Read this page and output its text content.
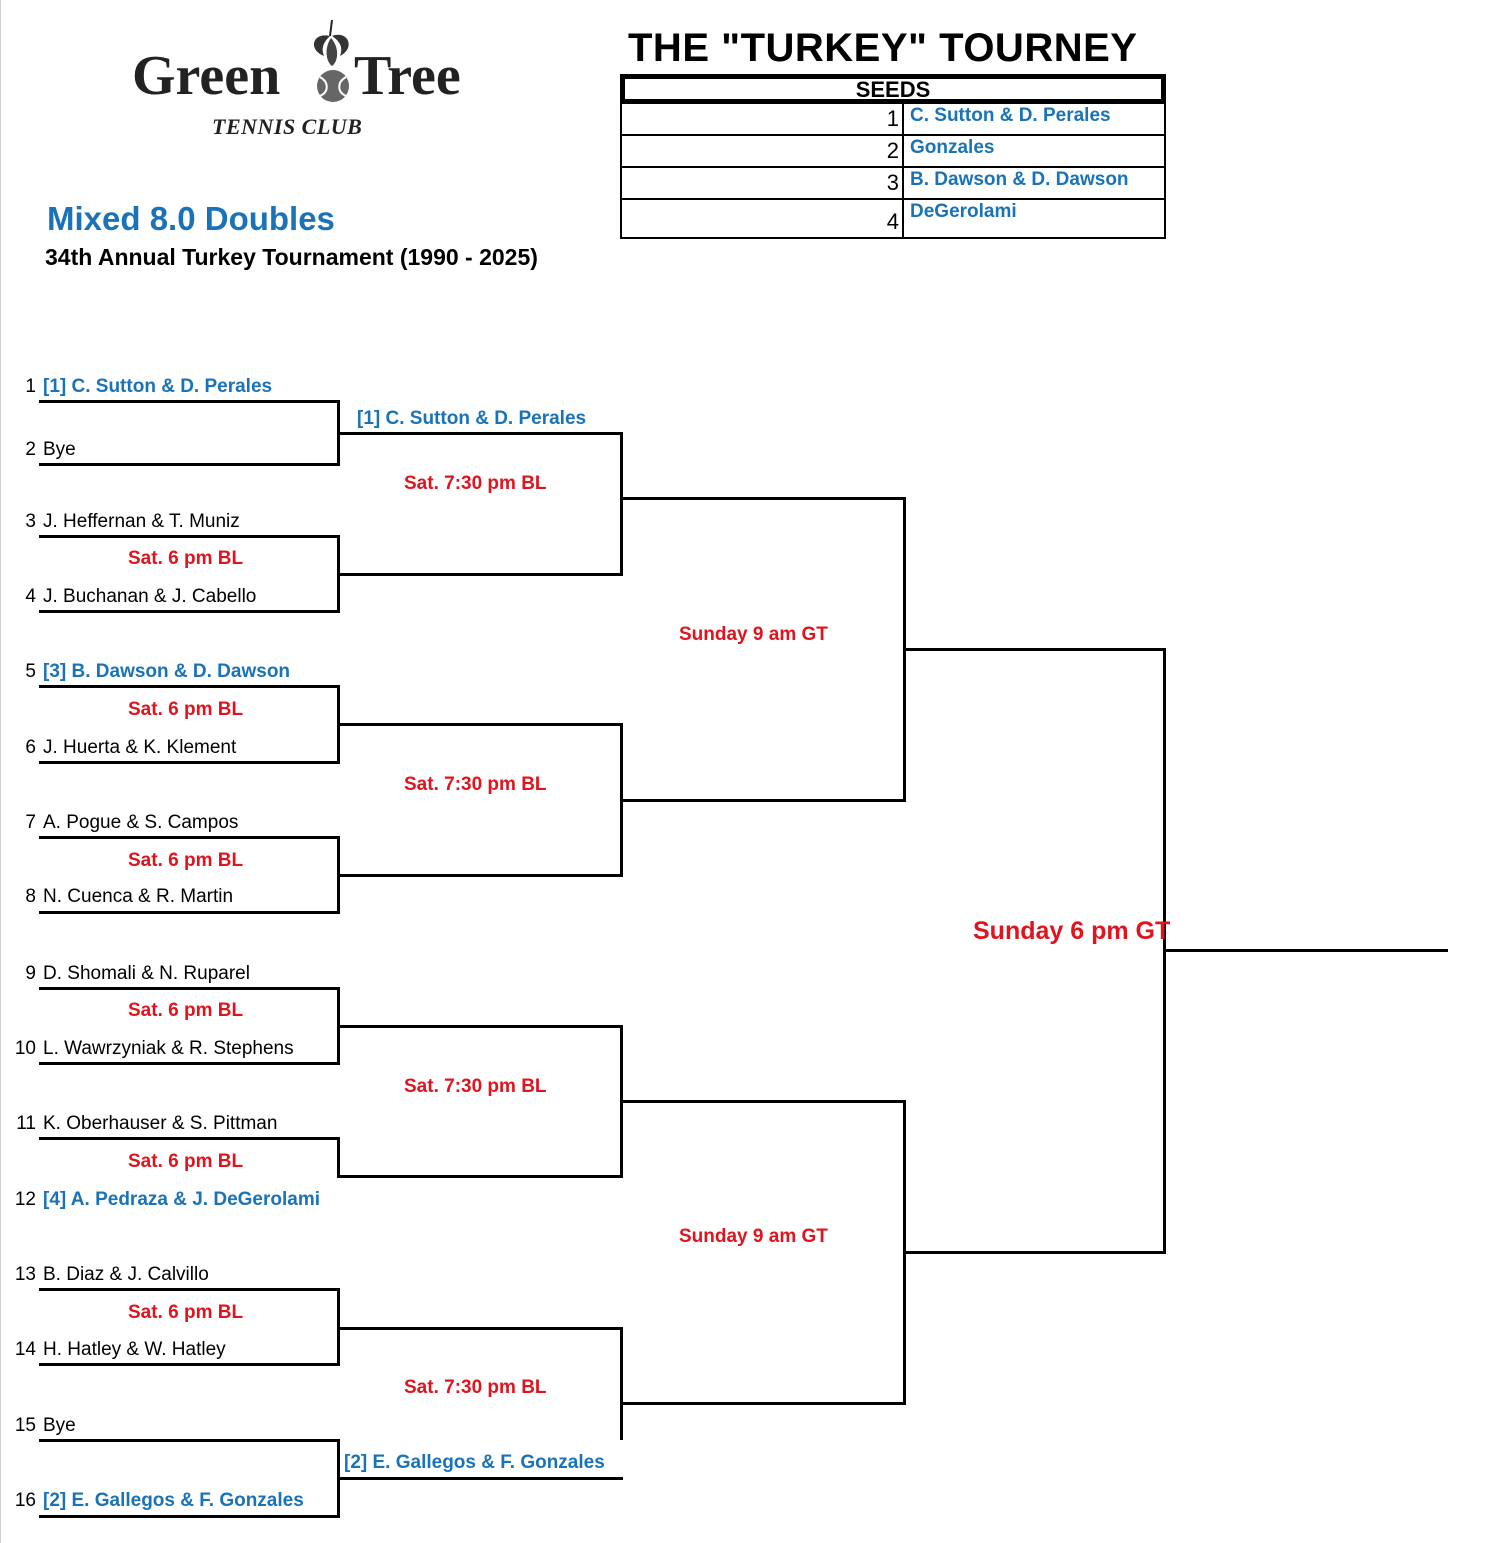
Green Tree
TENNIS CLUB
THE "TURKEY" TOURNEY
Mixed 8.0 Doubles
34th Annual Turkey Tournament (1990 - 2025)
SEEDS
1 C. Sutton & D. Perales
2 Gonzales
3 B. Dawson & D. Dawson
4 DeGerolami
1 [1] C. Sutton & D. Perales
2 Bye
3 J. Heffernan & T. Muniz
4 J. Buchanan & J. Cabello
5 [3] B. Dawson & D. Dawson
6 J. Huerta & K. Klement
7 A. Pogue & S. Campos
8 N. Cuenca & R. Martin
9 D. Shomali & N. Ruparel
10 L. Wawrzyniak & R. Stephens
11 K. Oberhauser & S. Pittman
12 [4] A. Pedraza & J. DeGerolami
13 B. Diaz & J. Calvillo
14 H. Hatley & W. Hatley
15 Bye
16 [2] E. Gallegos & F. Gonzales
[1] C. Sutton & D. Perales
[2] E. Gallegos & F. Gonzales
Sat. 6 pm BL
Sat. 6 pm BL
Sat. 6 pm BL
Sat. 6 pm BL
Sat. 6 pm BL
Sat. 6 pm BL
Sat. 7:30 pm BL
Sat. 7:30 pm BL
Sat. 7:30 pm BL
Sat. 7:30 pm BL
Sunday 9 am GT
Sunday 9 am GT
Sunday 6 pm GT
